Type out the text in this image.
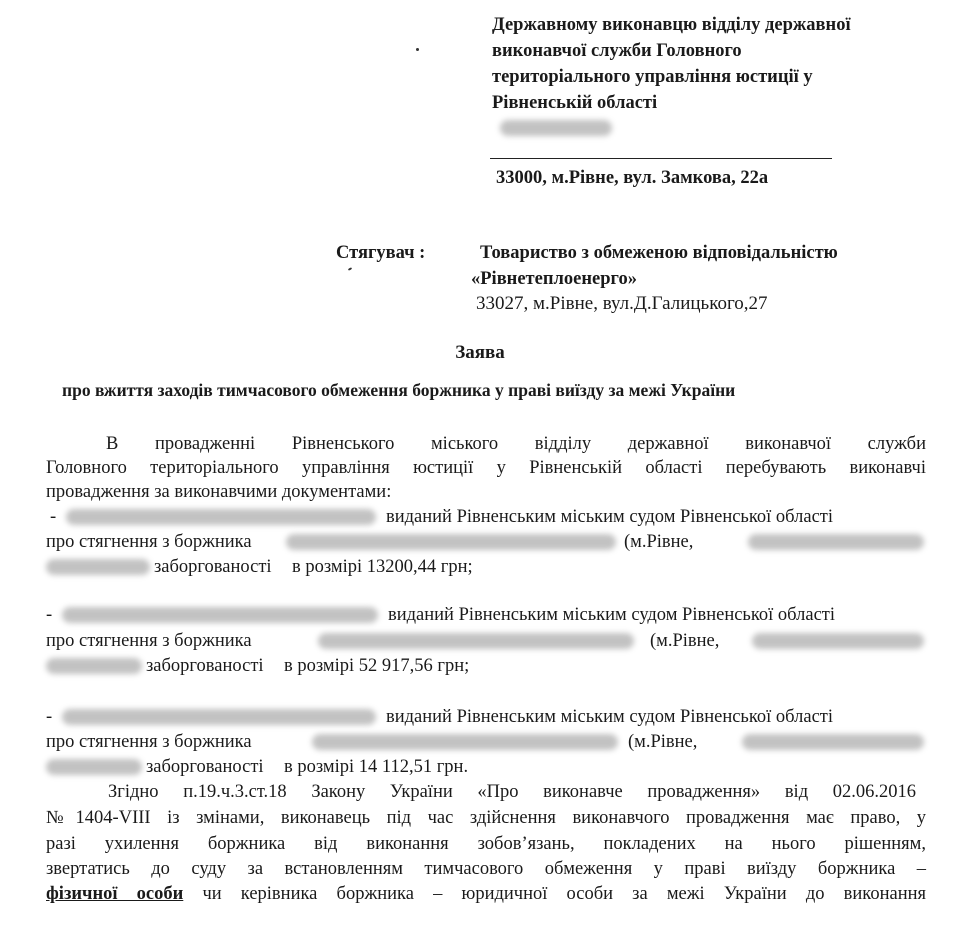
Державному виконавцю відділу державної
виконавчої служби Головного
територіального управління юстиції у
Рівненській області
33000, м.Рівне, вул. Замкова, 22а
Стягувач :	Товариство з обмеженою відповідальністю
«Рівнетеплоенерго»
33027, м.Рівне, вул.Д.Галицького,27
Заява
про вжиття заходів тимчасового обмеження боржника у праві виїзду за межі України
В провадженні Рівненського міського відділу державної виконавчої служби
Головного територіального управління юстиції у Рівненській області перебувають виконавчі
провадження за виконавчими документами:
-	виданий Рівненським міським судом Рівненської області
про стягнення з боржника	(м.Рівне,
заборгованості в розмірі 13200,44 грн;
-	виданий Рівненським міським судом Рівненської області
про стягнення з боржника	(м.Рівне,
заборгованості в розмірі 52 917,56 грн;
-	виданий Рівненським міським судом Рівненської області
про стягнення з боржника	(м.Рівне,
заборгованості в розмірі 14 112,51 грн.
Згідно п.19.ч.3.ст.18 Закону України «Про виконавче провадження» від 02.06.2016
№1404-VIII із змінами, виконавець під час здійснення виконавчого провадження має право, у
разі ухилення боржника від виконання зобов’язань, покладених на нього рішенням,
звертатись до суду за встановленням тимчасового обмеження у праві виїзду боржника –
фізичної особи чи керівника боржника – юридичної особи за межі України до виконання
